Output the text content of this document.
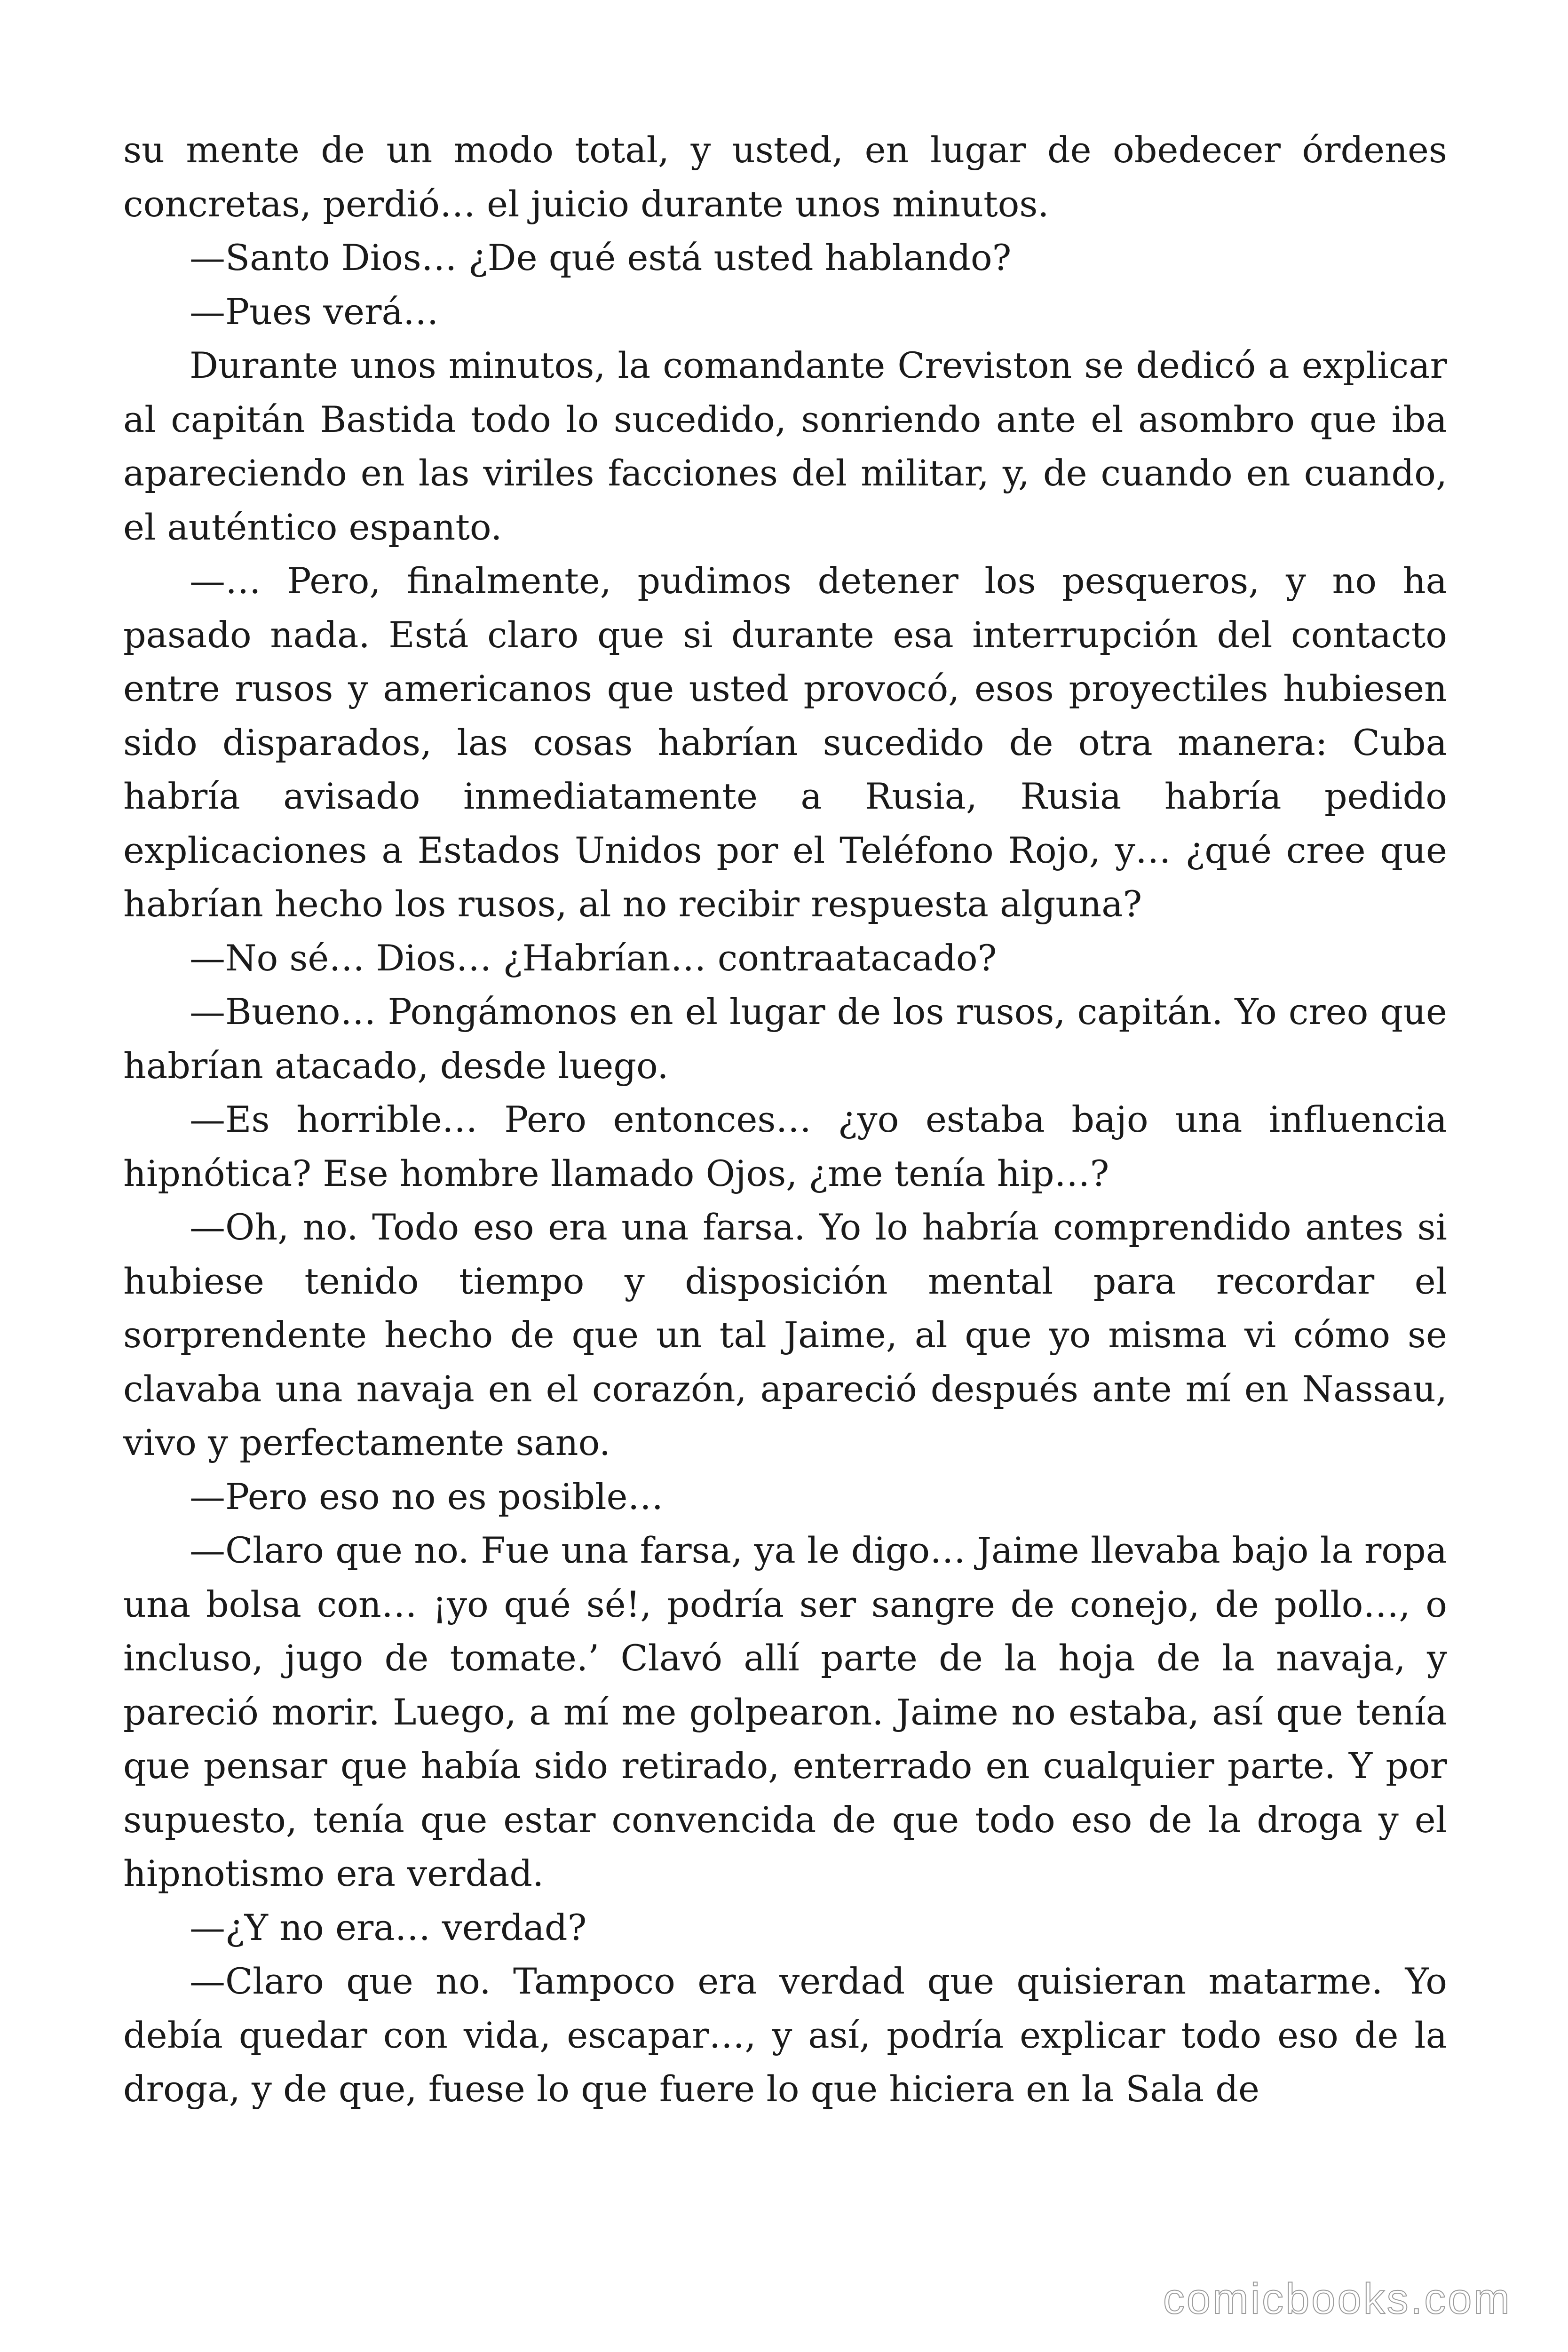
su mente de un modo total, y usted, en lugar de obedecer órdenes concretas, perdió… el juicio durante unos minutos.

—Santo Dios… ¿De qué está usted hablando?

—Pues verá…

Durante unos minutos, la comandante Creviston se dedicó a explicar al capitán Bastida todo lo sucedido, sonriendo ante el asombro que iba apareciendo en las viriles facciones del militar, y, de cuando en cuando, el auténtico espanto.

—… Pero, finalmente, pudimos detener los pesqueros, y no ha pasado nada. Está claro que si durante esa interrupción del contacto entre rusos y americanos que usted provocó, esos proyectiles hubiesen sido disparados, las cosas habrían sucedido de otra manera: Cuba habría avisado inmediatamente a Rusia, Rusia habría pedido explicaciones a Estados Unidos por el Teléfono Rojo, y… ¿qué cree que habrían hecho los rusos, al no recibir respuesta alguna?

—No sé… Dios… ¿Habrían… contraatacado?

—Bueno… Pongámonos en el lugar de los rusos, capitán. Yo creo que habrían atacado, desde luego.

—Es horrible… Pero entonces… ¿yo estaba bajo una influencia hipnótica? Ese hombre llamado Ojos, ¿me tenía hip…?

—Oh, no. Todo eso era una farsa. Yo lo habría comprendido antes si hubiese tenido tiempo y disposición mental para recordar el sorprendente hecho de que un tal Jaime, al que yo misma vi cómo se clavaba una navaja en el corazón, apareció después ante mí en Nassau, vivo y perfectamente sano.

—Pero eso no es posible…

—Claro que no. Fue una farsa, ya le digo… Jaime llevaba bajo la ropa una bolsa con… ¡yo qué sé!, podría ser sangre de conejo, de pollo…, o incluso, jugo de tomate.’ Clavó allí parte de la hoja de la navaja, y pareció morir. Luego, a mí me golpearon. Jaime no estaba, así que tenía que pensar que había sido retirado, enterrado en cualquier parte. Y por supuesto, tenía que estar convencida de que todo eso de la droga y el hipnotismo era verdad.

—¿Y no era… verdad?

—Claro que no. Tampoco era verdad que quisieran matarme. Yo debía quedar con vida, escapar…, y así, podría explicar todo eso de la droga, y de que, fuese lo que fuere lo que hiciera en la Sala de

comicbooks.com
